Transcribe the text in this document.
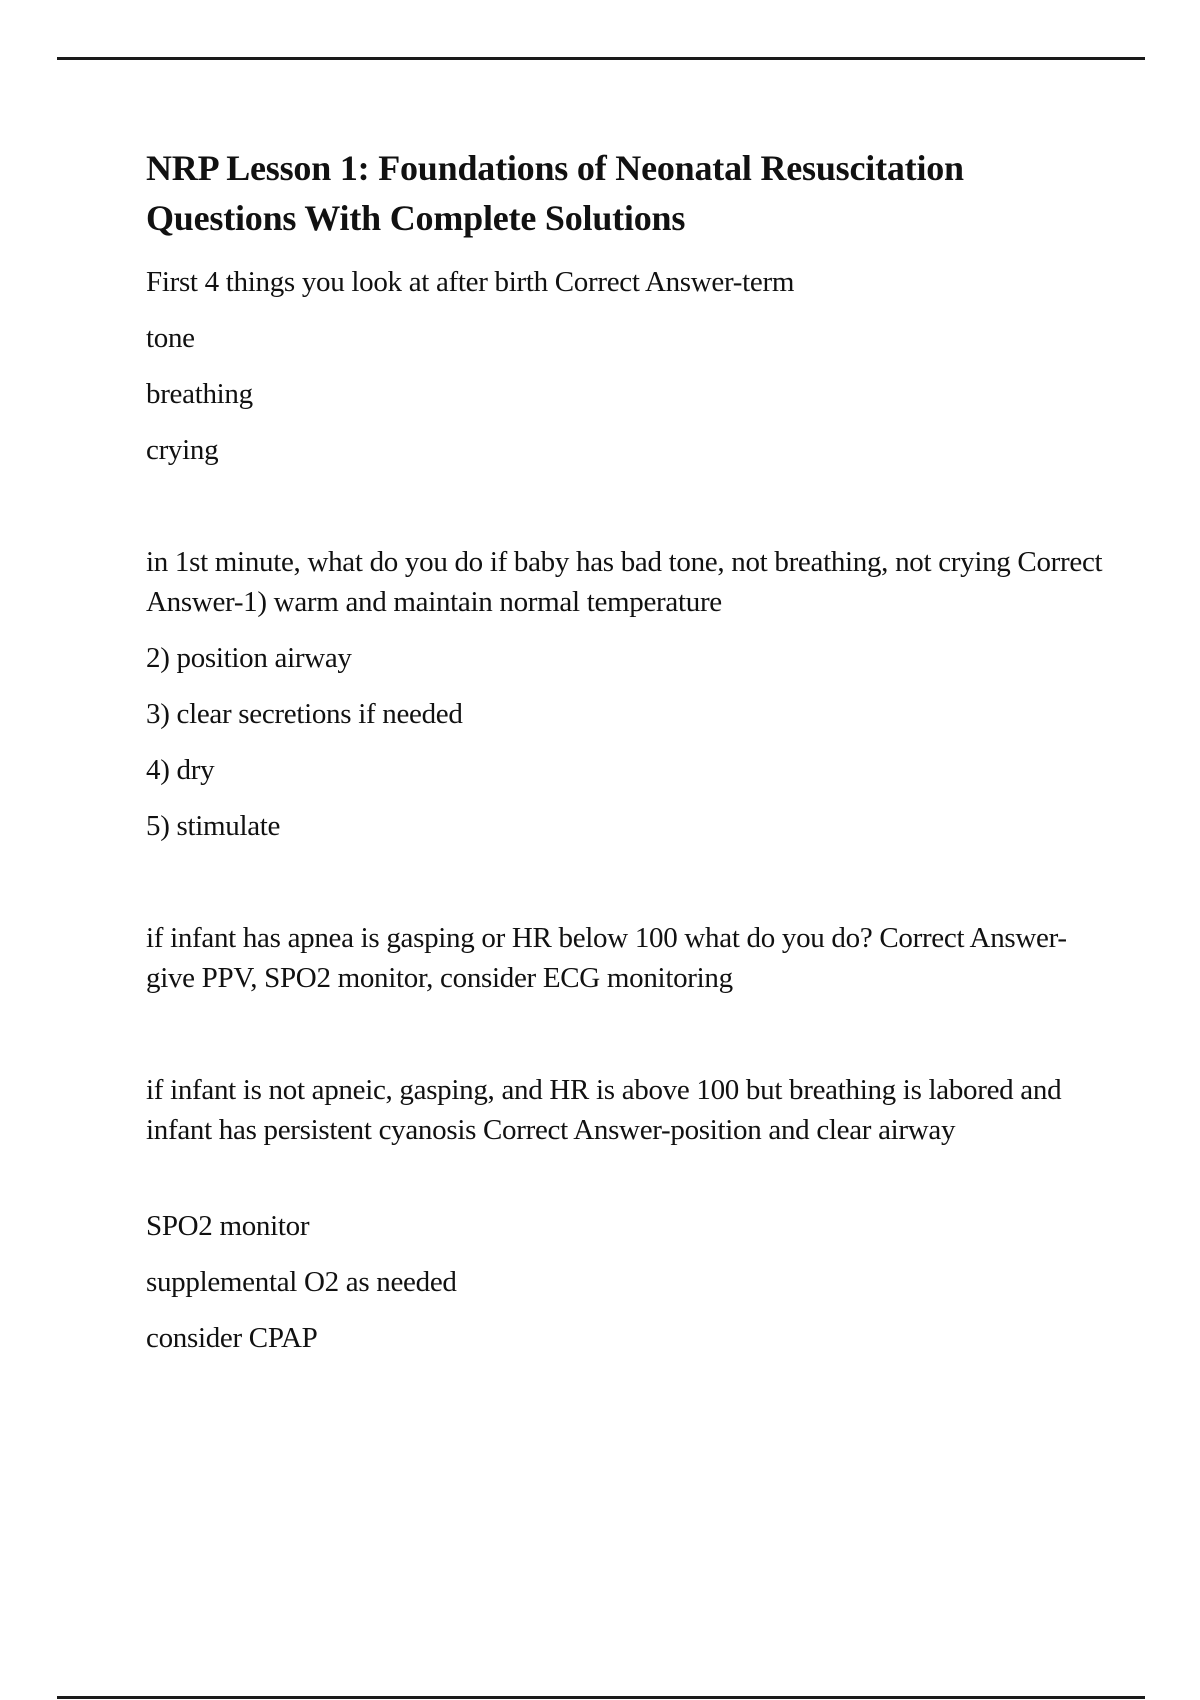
NRP Lesson 1: Foundations of Neonatal Resuscitation Questions With Complete Solutions

First 4 things you look at after birth Correct Answer-term

tone

breathing

crying

in 1st minute, what do you do if baby has bad tone, not breathing, not crying Correct Answer-1) warm and maintain normal temperature

2) position airway

3) clear secretions if needed

4) dry

5) stimulate

if infant has apnea is gasping or HR below 100 what do you do? Correct Answer-give PPV, SPO2 monitor, consider ECG monitoring

if infant is not apneic, gasping, and HR is above 100 but breathing is labored and infant has persistent cyanosis Correct Answer-position and clear airway

SPO2 monitor

supplemental O2 as needed

consider CPAP
